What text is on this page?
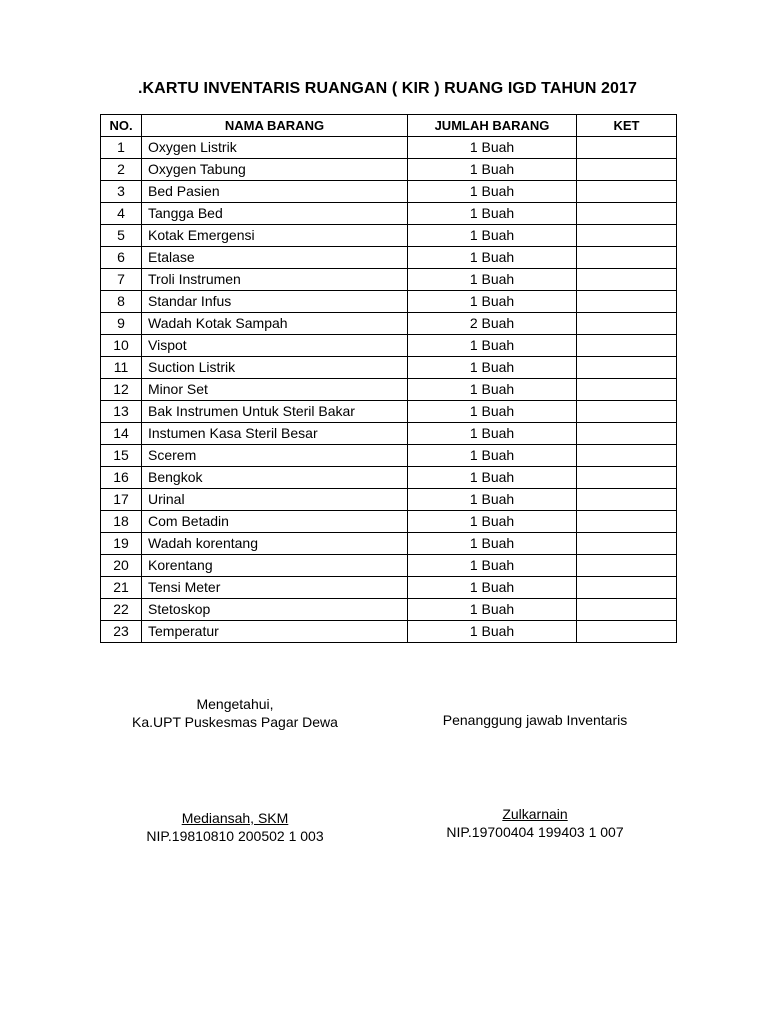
.KARTU INVENTARIS RUANGAN ( KIR ) RUANG IGD TAHUN 2017
NO.	NAMA BARANG	JUMLAH BARANG	KET
1	Oxygen Listrik	1 Buah	
2	Oxygen Tabung	1 Buah	
3	Bed Pasien	1 Buah	
4	Tangga Bed	1 Buah	
5	Kotak Emergensi	1 Buah	
6	Etalase	1 Buah	
7	Troli Instrumen	1 Buah	
8	Standar Infus	1 Buah	
9	Wadah Kotak Sampah	2 Buah	
10	Vispot	1 Buah	
11	Suction Listrik	1 Buah	
12	Minor Set	1 Buah	
13	Bak Instrumen Untuk Steril Bakar	1 Buah	
14	Instumen Kasa Steril Besar	1 Buah	
15	Scerem	1 Buah	
16	Bengkok	1 Buah	
17	Urinal	1 Buah	
18	Com Betadin	1 Buah	
19	Wadah korentang	1 Buah	
20	Korentang	1 Buah	
21	Tensi Meter	1 Buah	
22	Stetoskop	1 Buah	
23	Temperatur	1 Buah	
Mengetahui,
Ka.UPT Puskesmas Pagar Dewa
Mediansah, SKM
NIP.19810810 200502 1 003
Penanggung jawab Inventaris
Zulkarnain
NIP.19700404 199403 1 007
